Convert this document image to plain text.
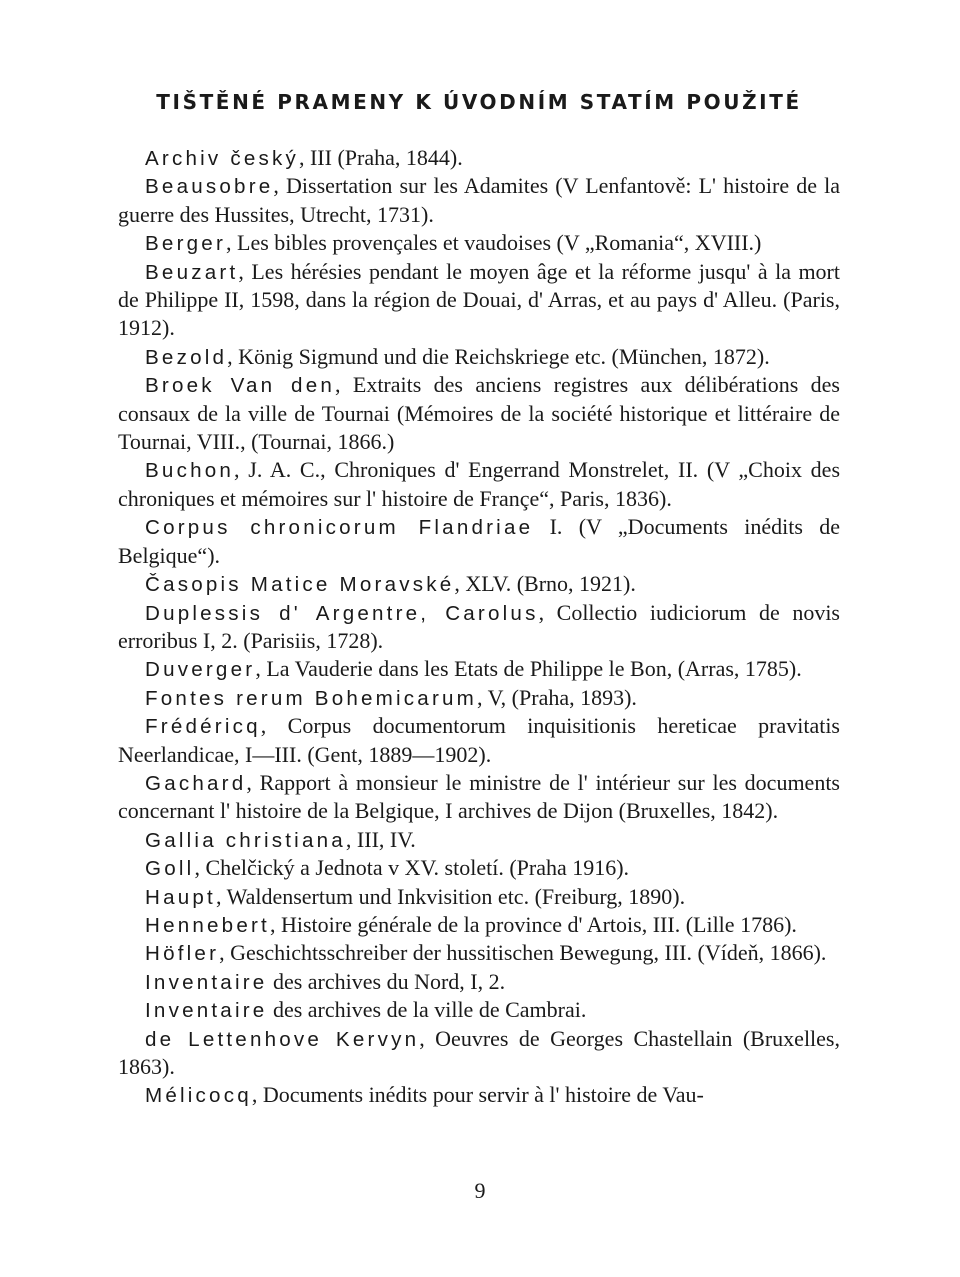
TIŠTĚNÉ PRAMENY K ÚVODNÍM STATÍM POUŽITÉ

Archiv český, III (Praha, 1844).

Beausobre, Dissertation sur les Adamites (V Lenfantově: L' histoire de la guerre des Hussites, Utrecht, 1731).

Berger, Les bibles provençales et vaudoises (V „Romania“, XVIII.)

Beuzart, Les hérésies pendant le moyen âge et la réforme jusqu' à la mort de Philippe II, 1598, dans la région de Douai, d' Arras, et au pays d' Alleu. (Paris, 1912).

Bezold, König Sigmund und die Reichskriege etc. (München, 1872).

Broek Van den, Extraits des anciens registres aux délibérations des consaux de la ville de Tournai (Mémoires de la société historique et littéraire de Tournai, VIII., (Tournai, 1866.)

Buchon, J. A. C., Chroniques d' Engerrand Monstrelet, II. (V „Choix des chroniques et mémoires sur l' histoire de Françe“, Paris, 1836).

Corpus chronicorum Flandriae I. (V „Documents inédits de Belgique“).

Časopis Matice Moravské, XLV. (Brno, 1921).

Duplessis d' Argentre, Carolus, Collectio iudiciorum de novis erroribus I, 2. (Parisiis, 1728).

Duverger, La Vauderie dans les Etats de Philippe le Bon, (Arras, 1785).

Fontes rerum Bohemicarum, V, (Praha, 1893).

Frédéricq, Corpus documentorum inquisitionis hereticae pravitatis Neerlandicae, I—III. (Gent, 1889—1902).

Gachard, Rapport à monsieur le ministre de l' intérieur sur les documents concernant l' histoire de la Belgique, I archives de Dijon (Bruxelles, 1842).

Gallia christiana, III, IV.

Goll, Chelčický a Jednota v XV. století. (Praha 1916).

Haupt, Waldensertum und Inkvisition etc. (Freiburg, 1890).

Hennebert, Histoire générale de la province d' Artois, III. (Lille 1786).

Höfler, Geschichtsschreiber der hussitischen Bewegung, III. (Vídeň, 1866).

Inventaire des archives du Nord, I, 2.

Inventaire des archives de la ville de Cambrai.

de Lettenhove Kervyn, Oeuvres de Georges Chastellain (Bruxelles, 1863).

Mélicocq, Documents inédits pour servir à l' histoire de Vau-

9
